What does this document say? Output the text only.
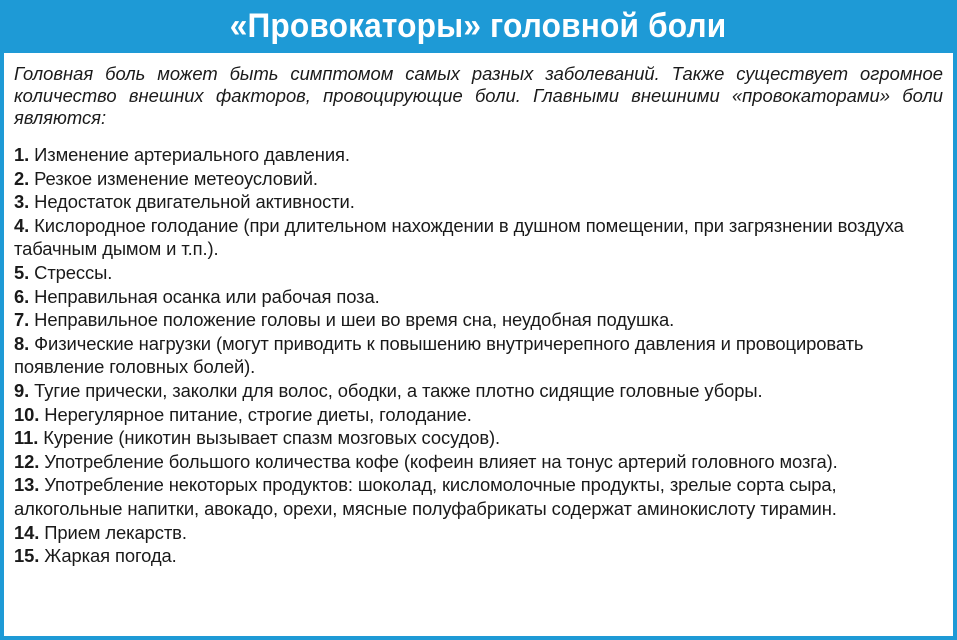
«Провокаторы» головной боли

Головная боль может быть симптомом самых разных заболеваний. Также существует огромное количество внешних факторов, провоцирующие боли. Главными внешними «провокаторами» боли являются:

1. Изменение артериального давления.
2. Резкое изменение метеоусловий.
3. Недостаток двигательной активности.
4. Кислородное голодание (при длительном нахождении в душном помещении, при загрязнении воздуха табачным дымом и т.п.).
5. Стрессы.
6. Неправильная осанка или рабочая поза.
7. Неправильное положение головы и шеи во время сна, неудобная подушка.
8. Физические нагрузки (могут приводить к повышению внутричерепного давления и провоцировать появление головных болей).
9. Тугие прически, заколки для волос, ободки, а также плотно сидящие головные уборы.
10. Нерегулярное питание, строгие диеты, голодание.
11. Курение (никотин вызывает спазм мозговых сосудов).
12. Употребление большого количества кофе (кофеин влияет на тонус артерий головного мозга).
13. Употребление некоторых продуктов: шоколад, кисломолочные продукты, зрелые сорта сыра, алкогольные напитки, авокадо, орехи, мясные полуфабрикаты содержат аминокислоту тирамин.
14. Прием лекарств.
15. Жаркая погода.
